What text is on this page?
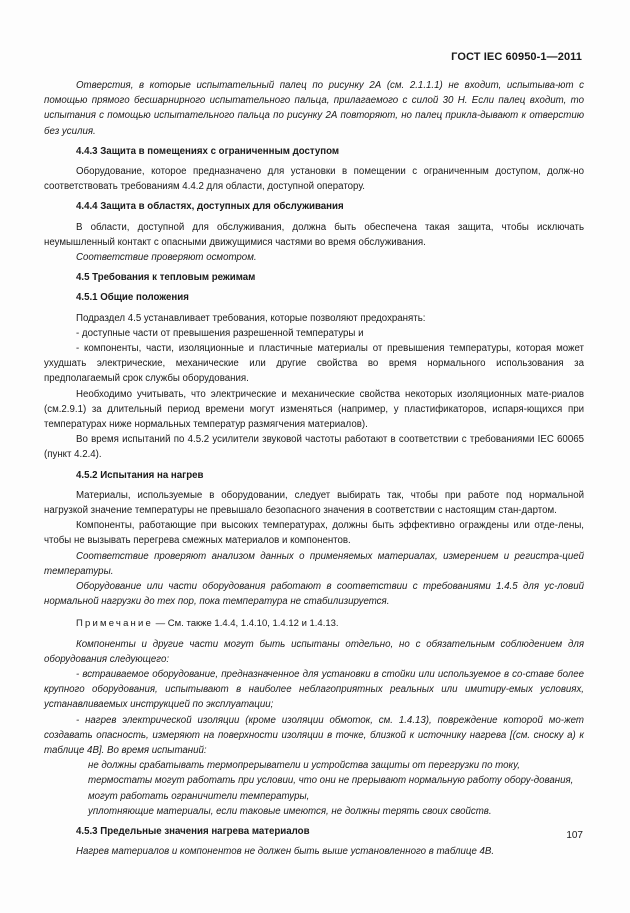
ГОСТ IEC 60950-1—2011

Отверстия, в которые испытательный палец по рисунку 2А (см. 2.1.1.1) не входит, испытыва-ют с помощью прямого бесшарнирного испытательного пальца, прилагаемого с силой 30 Н. Если палец входит, то испытания с помощью испытательного пальца по рисунку 2А повторяют, но палец прикла-дывают к отверстию без усилия.

4.4.3 Защита в помещениях с ограниченным доступом

Оборудование, которое предназначено для установки в помещении с ограниченным доступом, долж-но соответствовать требованиям 4.4.2 для области, доступной оператору.

4.4.4 Защита в областях, доступных для обслуживания

В области, доступной для обслуживания, должна быть обеспечена такая защита, чтобы исключать неумышленный контакт с опасными движущимися частями во время обслуживания.

Соответствие проверяют осмотром.

4.5 Требования к тепловым режимам
4.5.1 Общие положения

Подраздел 4.5 устанавливает требования, которые позволяют предохранять:

- доступные части от превышения разрешенной температуры и

- компоненты, части, изоляционные и пластичные материалы от превышения температуры, которая может ухудшать электрические, механические или другие свойства во время нормального использования за предполагаемый срок службы оборудования.

Необходимо учитывать, что электрические и механические свойства некоторых изоляционных мате-риалов (см.2.9.1) за длительный период времени могут изменяться (например, у пластификаторов, испаря-ющихся при температурах ниже нормальных температур размягчения материалов).

Во время испытаний по 4.5.2 усилители звуковой частоты работают в соответствии с требованиями IEC 60065 (пункт 4.2.4).

4.5.2 Испытания на нагрев

Материалы, используемые в оборудовании, следует выбирать так, чтобы при работе под нормальной нагрузкой значение температуры не превышало безопасного значения в соответствии с настоящим стан-дартом.

Компоненты, работающие при высоких температурах, должны быть эффективно ограждены или отде-лены, чтобы не вызывать перегрева смежных материалов и компонентов.

Соответствие проверяют анализом данных о применяемых материалах, измерением и регистра-цией температуры.

Оборудование или части оборудования работают в соответствии с требованиями 1.4.5 для ус-ловий нормальной нагрузки до тех пор, пока температура не стабилизируется.

Примечание — См. также 1.4.4, 1.4.10, 1.4.12 и 1.4.13.

Компоненты и другие части могут быть испытаны отдельно, но с обязательным соблюдением для оборудования следующего:

- встраиваемое оборудование, предназначенное для установки в стойки или используемое в со-ставе более крупного оборудования, испытывают в наиболее неблагоприятных реальных или имитиру-емых условиях, устанавливаемых инструкцией по эксплуатации;

- нагрев электрической изоляции (кроме изоляции обмоток, см. 1.4.13), повреждение которой мо-жет создавать опасность, измеряют на поверхности изоляции в точке, близкой к источнику нагрева [(см. сноску а) к таблице 4В]. Во время испытаний:

не должны срабатывать термопрерыватели и устройства защиты от перегрузки по току,

термостаты могут работать при условии, что они не прерывают нормальную работу обору-дования,

могут работать ограничители температуры,

уплотняющие материалы, если таковые имеются, не должны терять своих свойств.

4.5.3 Предельные значения нагрева материалов

Нагрев материалов и компонентов не должен быть выше установленного в таблице 4В.

107
